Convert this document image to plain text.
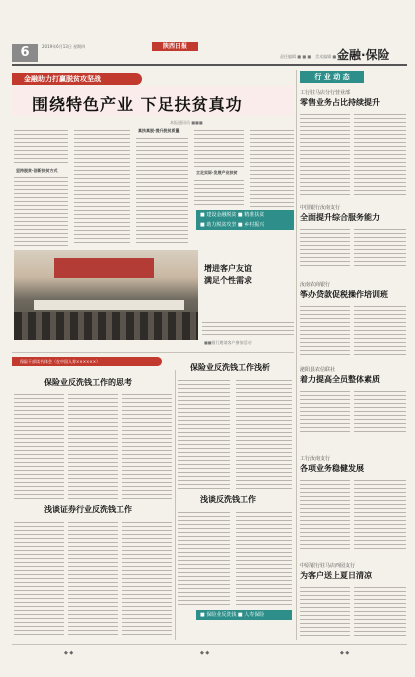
6	2019年6月13日 星期四	陕西日报
责任编辑 ■ ■ ■　美术编辑 ■ ■
金融·保险
金融助力打赢脱贫攻坚战
围绕特色产业 下足扶贫真功
本报通讯员 ■■■
坚持脱贫·创新扶贫方式
真扶真脱·提升脱贫质量
立足实际·发展产业扶贫
■ 建设金融脱贫 ■ 精准扶贫
■ 助力脱贫攻坚 ■ 乡村振兴
增进客户友谊
满足个性需求
■■银行邀请客户参加活动
保险干部读书体会（在中国人寿××××××）
保险业反洗钱工作的思考
浅谈证券行业反洗钱工作
保险业反洗钱工作浅析
浅谈反洗钱工作
■ 保险业反洗钱 ■ 人寿保险
行 业 动 态
工行驻马店分行营业部
零售业务占比持续提升
中国银行汝南支行
全面提升综合服务能力
汝南农商银行
筝办贷款促税操作培训班
泌阳县农信联社
着力提高全员整体素质
工行汝南支行
各项业务稳健发展
中原银行驻马店西园支行
为客户送上夏日清凉
◆ ◆	◆ ◆	◆ ◆
